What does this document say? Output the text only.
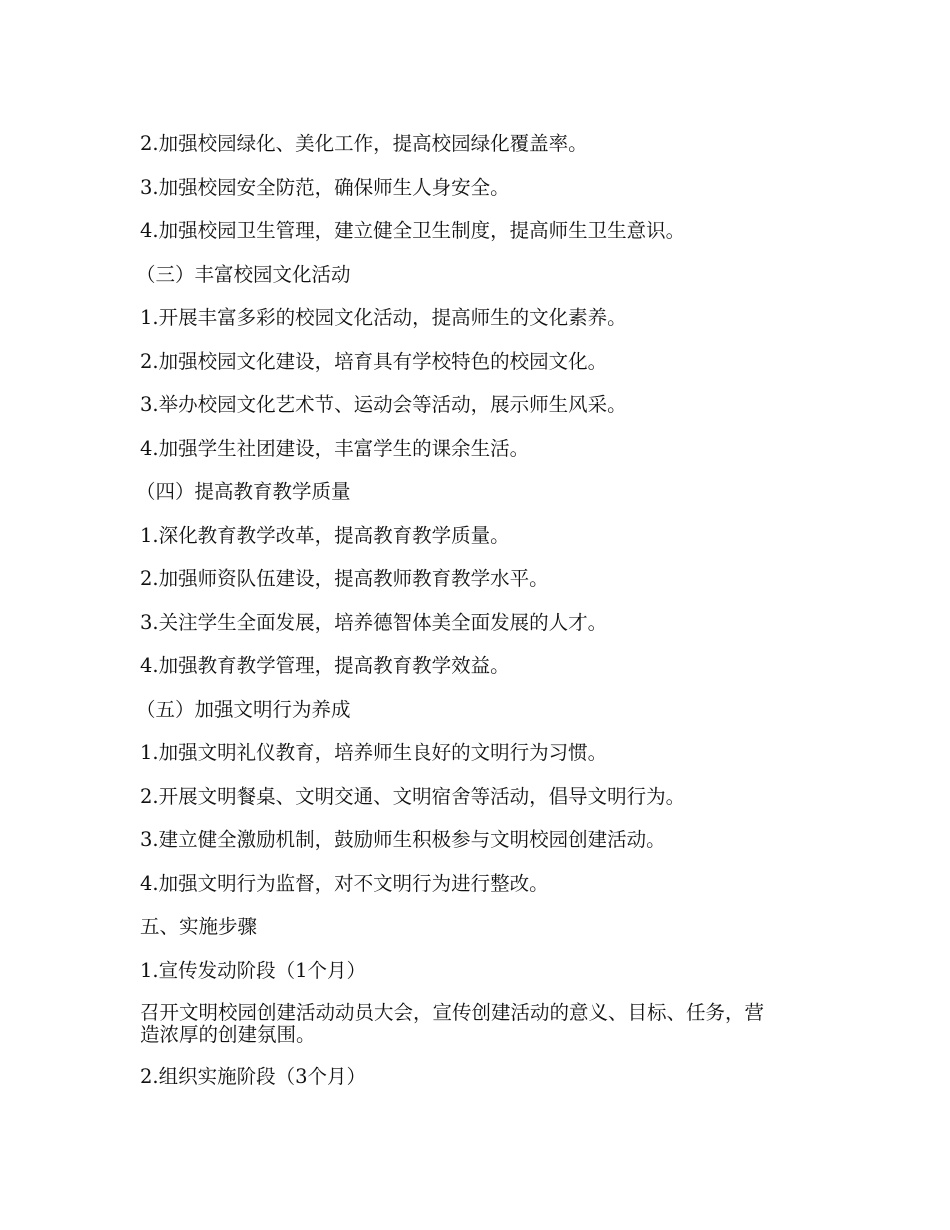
2.加强校园绿化、美化工作，提高校园绿化覆盖率。

3.加强校园安全防范，确保师生人身安全。

4.加强校园卫生管理，建立健全卫生制度，提高师生卫生意识。

（三）丰富校园文化活动

1.开展丰富多彩的校园文化活动，提高师生的文化素养。

2.加强校园文化建设，培育具有学校特色的校园文化。

3.举办校园文化艺术节、运动会等活动，展示师生风采。

4.加强学生社团建设，丰富学生的课余生活。

（四）提高教育教学质量

1.深化教育教学改革，提高教育教学质量。

2.加强师资队伍建设，提高教师教育教学水平。

3.关注学生全面发展，培养德智体美全面发展的人才。

4.加强教育教学管理，提高教育教学效益。

（五）加强文明行为养成

1.加强文明礼仪教育，培养师生良好的文明行为习惯。

2.开展文明餐桌、文明交通、文明宿舍等活动，倡导文明行为。

3.建立健全激励机制，鼓励师生积极参与文明校园创建活动。

4.加强文明行为监督，对不文明行为进行整改。

五、实施步骤

1.宣传发动阶段（1个月）

召开文明校园创建活动动员大会，宣传创建活动的意义、目标、任务，营造浓厚的创建氛围。

2.组织实施阶段（3个月）
